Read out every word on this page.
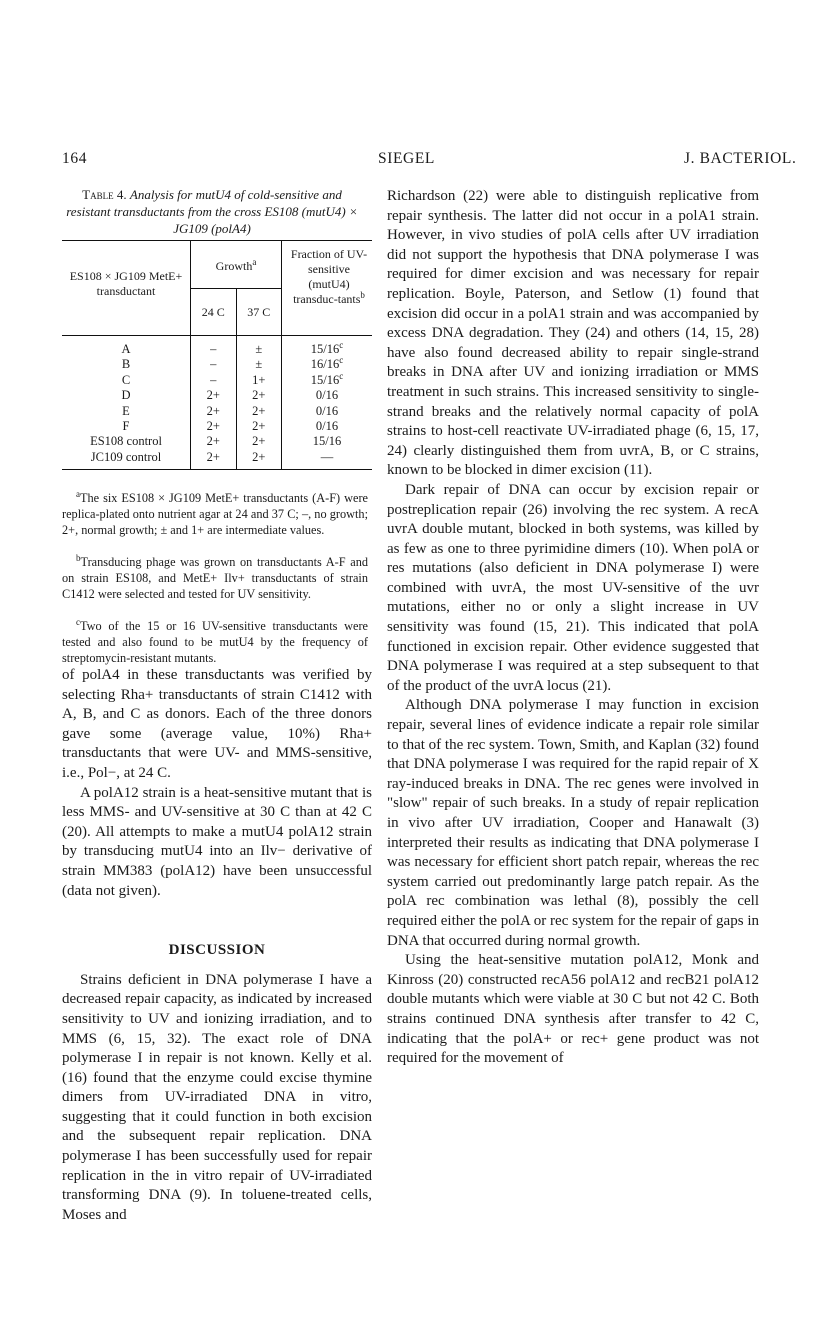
164	SIEGEL	J. BACTERIOL.
Table 4. Analysis for mutU4 of cold-sensitive and resistant transductants from the cross ES108 (mutU4) × JG109 (polA4)
ES108 × JG109 MetE+ transductant	Growth$^a$		Fraction of UV-sensitive (mutU4) transduc-tants$^b$
	24 C	37 C	
A	–	±	$15/16^c$
B	–	±	$16/16^c$
C	–	1+	$15/16^c$
D	2+	2+	0/16
E	2+	2+	0/16
F	2+	2+	0/16
ES108 control	2+	2+	15/16
JC109 control	2+	2+	—
$^a$The six ES108 × JG109 MetE+ transductants (A-F) were replica-plated onto nutrient agar at 24 and 37 C; –, no growth; 2+, normal growth; ± and 1+ are intermediate values.
$^b$Transducing phage was grown on transductants A-F and on strain ES108, and MetE+ Ilv+ transductants of strain C1412 were selected and tested for UV sensitivity.
$^c$Two of the 15 or 16 UV-sensitive transductants were tested and also found to be mutU4 by the frequency of streptomycin-resistant mutants.

of polA4 in these transductants was verified by selecting Rha+ transductants of strain C1412 with A, B, and C as donors. Each of the three donors gave some (average value, 10%) Rha+ transductants that were UV- and MMS-sensitive, i.e., Pol−, at 24 C.

A polA12 strain is a heat-sensitive mutant that is less MMS- and UV-sensitive at 30 C than at 42 C (20). All attempts to make a mutU4 polA12 strain by transducing mutU4 into an Ilv− derivative of strain MM383 (polA12) have been unsuccessful (data not given).

DISCUSSION

Strains deficient in DNA polymerase I have a decreased repair capacity, as indicated by increased sensitivity to UV and ionizing irradiation, and to MMS (6, 15, 32). The exact role of DNA polymerase I in repair is not known. Kelly et al. (16) found that the enzyme could excise thymine dimers from UV-irradiated DNA in vitro, suggesting that it could function in both excision and the subsequent repair replication. DNA polymerase I has been successfully used for repair replication in the in vitro repair of UV-irradiated transforming DNA (9). In toluene-treated cells, Moses and

Richardson (22) were able to distinguish replicative from repair synthesis. The latter did not occur in a polA1 strain. However, in vivo studies of polA cells after UV irradiation did not support the hypothesis that DNA polymerase I was required for dimer excision and was necessary for repair replication. Boyle, Paterson, and Setlow (1) found that excision did occur in a polA1 strain and was accompanied by excess DNA degradation. They (24) and others (14, 15, 28) have also found decreased ability to repair single-strand breaks in DNA after UV and ionizing irradiation or MMS treatment in such strains. This increased sensitivity to single-strand breaks and the relatively normal capacity of polA strains to host-cell reactivate UV-irradiated phage (6, 15, 17, 24) clearly distinguished them from uvrA, B, or C strains, known to be blocked in dimer excision (11).

Dark repair of DNA can occur by excision repair or postreplication repair (26) involving the rec system. A recA uvrA double mutant, blocked in both systems, was killed by as few as one to three pyrimidine dimers (10). When polA or res mutations (also deficient in DNA polymerase I) were combined with uvrA, the most UV-sensitive of the uvr mutations, either no or only a slight increase in UV sensitivity was found (15, 21). This indicated that polA functioned in excision repair. Other evidence suggested that DNA polymerase I was required at a step subsequent to that of the product of the uvrA locus (21).

Although DNA polymerase I may function in excision repair, several lines of evidence indicate a repair role similar to that of the rec system. Town, Smith, and Kaplan (32) found that DNA polymerase I was required for the rapid repair of X ray-induced breaks in DNA. The rec genes were involved in "slow" repair of such breaks. In a study of repair replication in vivo after UV irradiation, Cooper and Hanawalt (3) interpreted their results as indicating that DNA polymerase I was necessary for efficient short patch repair, whereas the rec system carried out predominantly large patch repair. As the polA rec combination was lethal (8), possibly the cell required either the polA or rec system for the repair of gaps in DNA that occurred during normal growth.

Using the heat-sensitive mutation polA12, Monk and Kinross (20) constructed recA56 polA12 and recB21 polA12 double mutants which were viable at 30 C but not 42 C. Both strains continued DNA synthesis after transfer to 42 C, indicating that the polA+ or rec+ gene product was not required for the movement of
